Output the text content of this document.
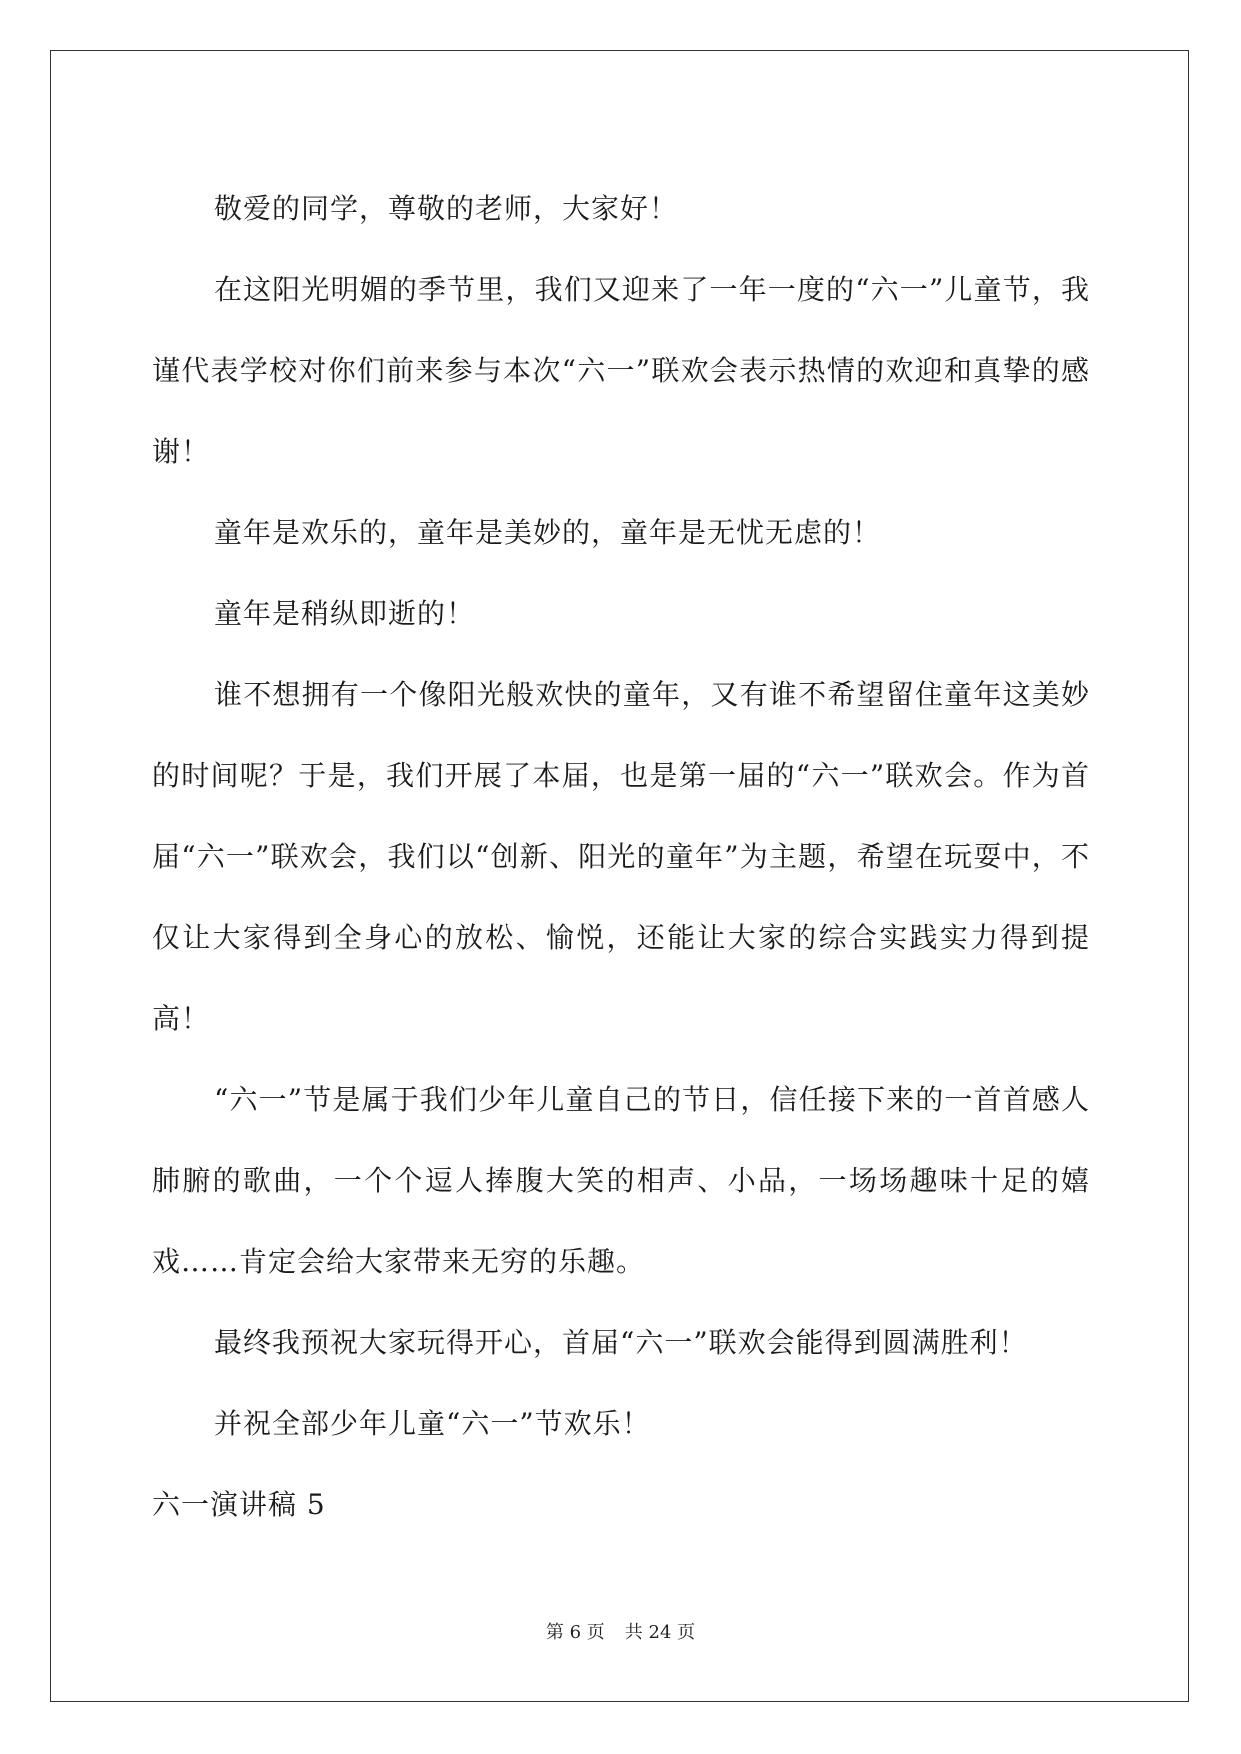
敬爱的同学，尊敬的老师，大家好！

在这阳光明媚的季节里，我们又迎来了一年一度的“六一”儿童节，我谨代表学校对你们前来参与本次“六一”联欢会表示热情的欢迎和真挚的感谢！

童年是欢乐的，童年是美妙的，童年是无忧无虑的！

童年是稍纵即逝的！

谁不想拥有一个像阳光般欢快的童年，又有谁不希望留住童年这美妙的时间呢？于是，我们开展了本届，也是第一届的“六一”联欢会。作为首届“六一”联欢会，我们以“创新、阳光的童年”为主题，希望在玩耍中，不仅让大家得到全身心的放松、愉悦，还能让大家的综合实践实力得到提高！

“六一”节是属于我们少年儿童自己的节日，信任接下来的一首首感人肺腑的歌曲，一个个逗人捧腹大笑的相声、小品，一场场趣味十足的嬉戏……肯定会给大家带来无穷的乐趣。

最终我预祝大家玩得开心，首届“六一”联欢会能得到圆满胜利！

并祝全部少年儿童“六一”节欢乐！

六一演讲稿 5

第 6 页 共 24 页
